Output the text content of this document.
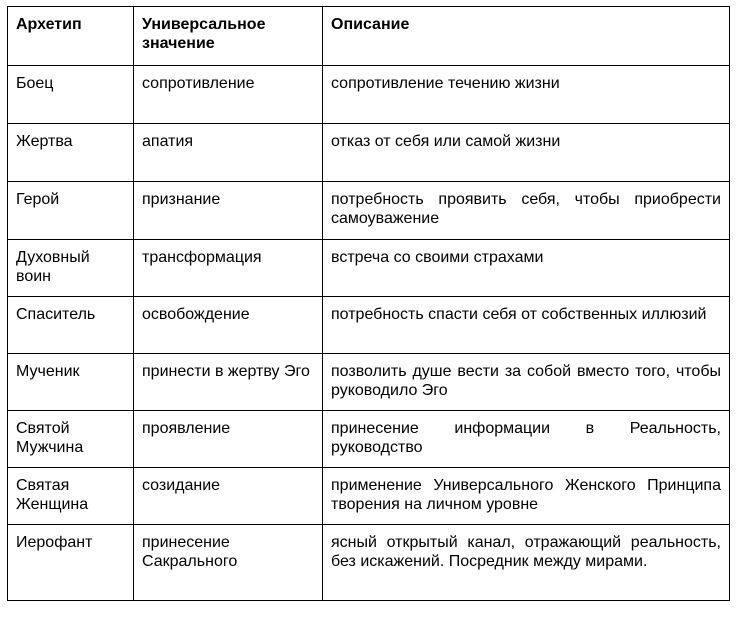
Архетип	Универсальное значение	Описание
Боец	сопротивление	сопротивление течению жизни
Жертва	апатия	отказ от себя или самой жизни
Герой	признание	потребность проявить себя, чтобы приобрести самоуважение
Духовный воин	трансформация	встреча со своими страхами
Спаситель	освобождение	потребность спасти себя от собственных иллюзий
Мученик	принести в жертву Эго	позволить душе вести за собой вместо того, чтобы руководило Эго
Святой Мужчина	проявление	принесение информации в Реальность, руководство
Святая Женщина	созидание	применение Универсального Женского Принципа творения на личном уровне
Иерофант	принесение Сакрального	ясный открытый канал, отражающий реальность, без искажений. Посредник между мирами.
